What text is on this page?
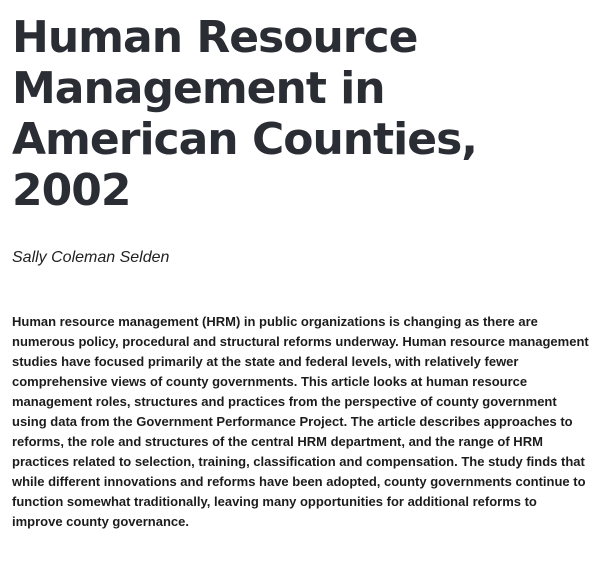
Human Resource Management in American Counties, 2002

Sally Coleman Selden

Human resource management (HRM) in public organizations is changing as there are numerous policy, procedural and structural reforms underway. Human resource management studies have focused primarily at the state and federal levels, with relatively fewer comprehensive views of county governments. This article looks at human resource management roles, structures and practices from the perspective of county government using data from the Government Performance Project. The article describes approaches to reforms, the role and structures of the central HRM department, and the range of HRM practices related to selection, training, classification and compensation. The study finds that while different innovations and reforms have been adopted, county governments continue to function somewhat traditionally, leaving many opportunities for additional reforms to improve county governance.
